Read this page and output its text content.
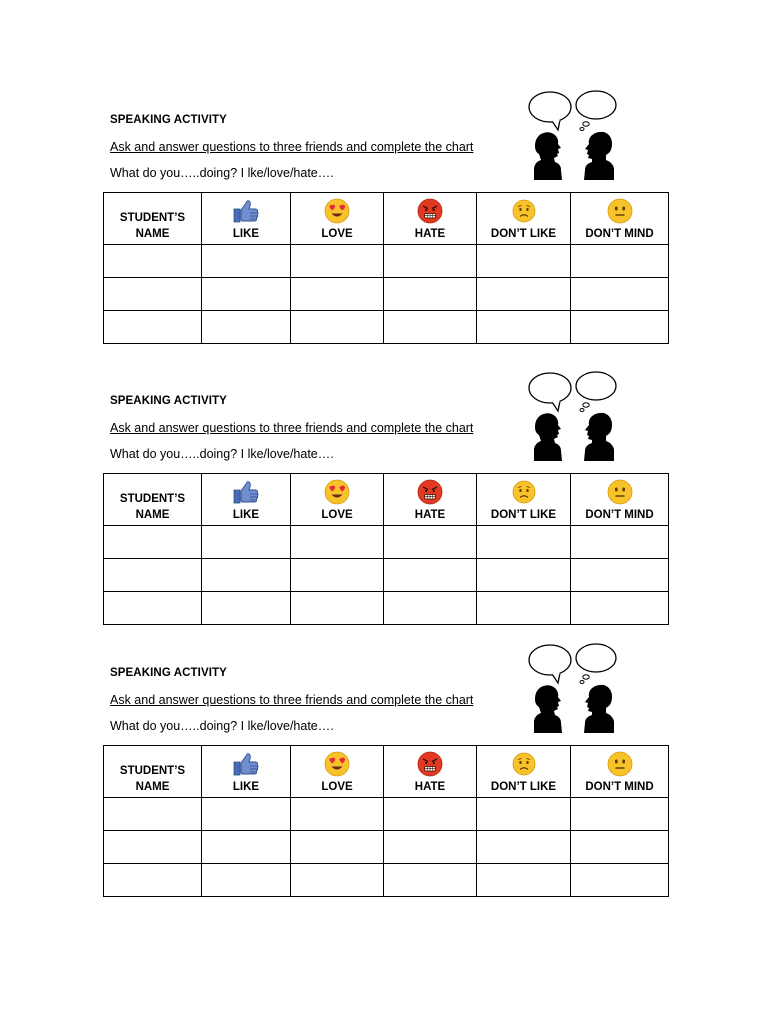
SPEAKING ACTIVITY
Ask and answer questions to three friends and complete the chart
What do you…..doing? I lke/love/hate….
STUDENT’S NAME	LIKE	LOVE	HATE	DON’T LIKE	DON’T MIND

SPEAKING ACTIVITY
Ask and answer questions to three friends and complete the chart
What do you…..doing? I lke/love/hate….
STUDENT’S NAME	LIKE	LOVE	HATE	DON’T LIKE	DON’T MIND

SPEAKING ACTIVITY
Ask and answer questions to three friends and complete the chart
What do you…..doing? I lke/love/hate….
STUDENT’S NAME	LIKE	LOVE	HATE	DON’T LIKE	DON’T MIND
